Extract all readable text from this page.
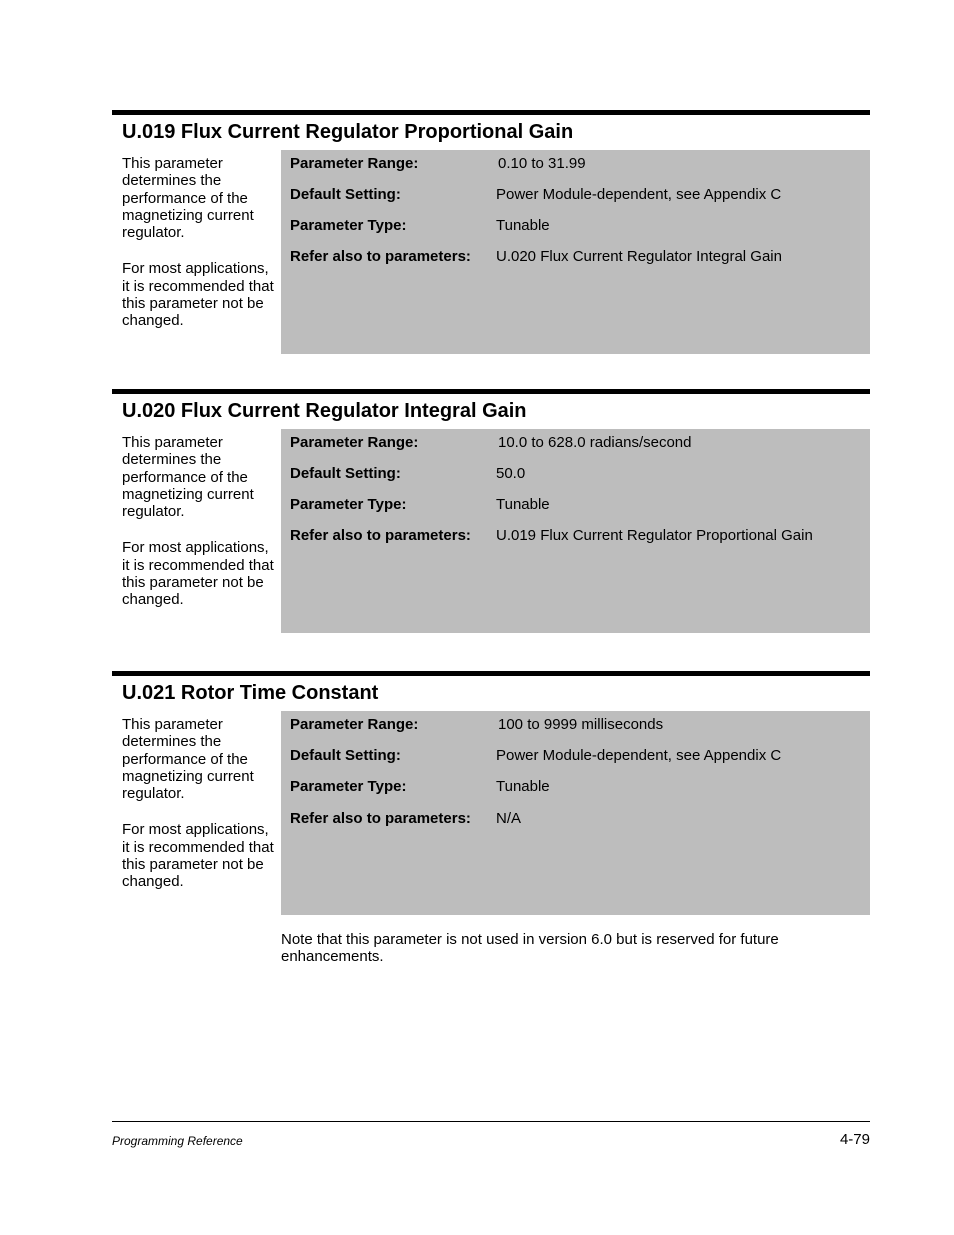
U.019 Flux Current Regulator Proportional Gain

This parameter determines the performance of the magnetizing current regulator.

For most applications, it is recommended that this parameter not be changed.

Parameter Range:	0.10 to 31.99
Default Setting:	Power Module-dependent, see Appendix C
Parameter Type:	Tunable
Refer also to parameters: U.020 Flux Current Regulator Integral Gain
U.020 Flux Current Regulator Integral Gain

This parameter determines the performance of the magnetizing current regulator.

For most applications, it is recommended that this parameter not be changed.

Parameter Range:	10.0 to 628.0 radians/second
Default Setting:	50.0
Parameter Type:	Tunable
Refer also to parameters: U.019 Flux Current Regulator Proportional Gain
U.021 Rotor Time Constant

This parameter determines the performance of the magnetizing current regulator.

For most applications, it is recommended that this parameter not be changed.

Parameter Range:	100 to 9999 milliseconds
Default Setting:	Power Module-dependent, see Appendix C
Parameter Type:	Tunable
Refer also to parameters: N/A
Note that this parameter is not used in version 6.0 but is reserved for future enhancements.
Programming Reference	4-79
